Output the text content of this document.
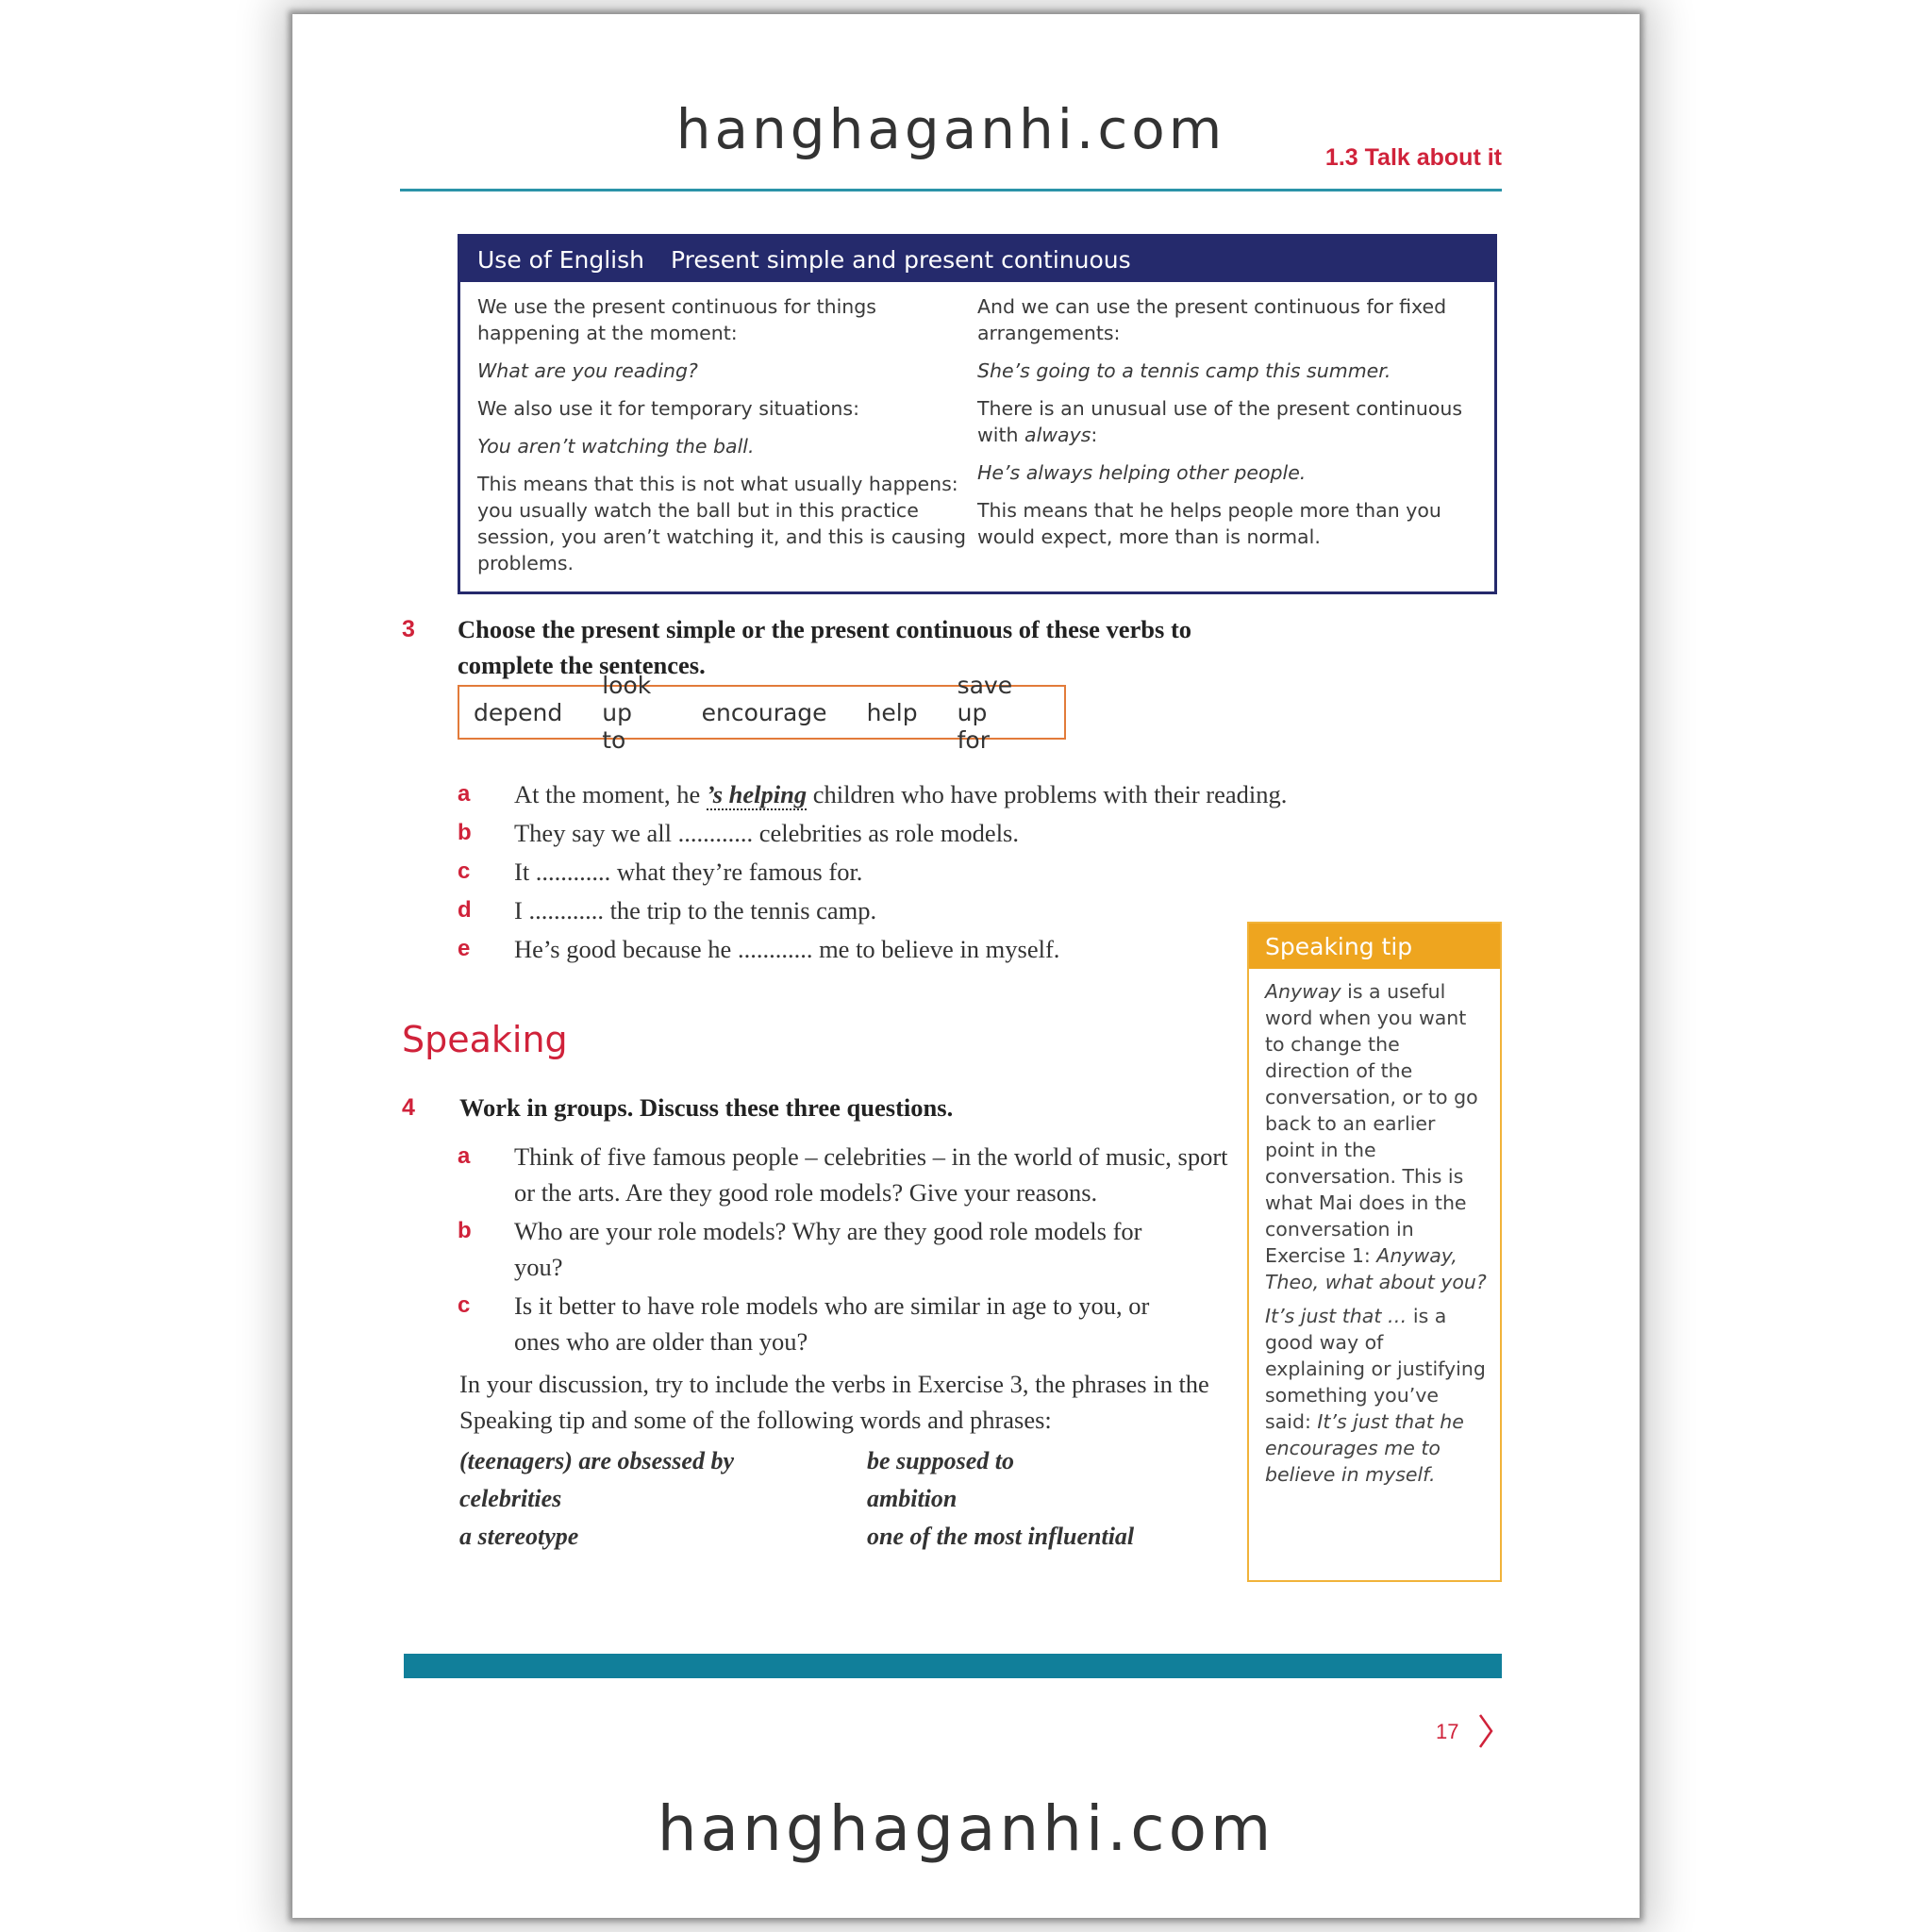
hanghaganhi.com	1.3 Talk about it
Use of English Present simple and present continuous

We use the present continuous for things happening at the moment:

What are you reading?

We also use it for temporary situations:

You aren’t watching the ball.

This means that this is not what usually happens: you usually watch the ball but in this practice session, you aren’t watching it, and this is causing problems.

And we can use the present continuous for fixed arrangements:

She’s going to a tennis camp this summer.

There is an unusual use of the present continuous with always:

He’s always helping other people.

This means that he helps people more than you would expect, more than is normal.

3 Choose the present simple or the present continuous of these verbs to complete the sentences.
depend
look up to
encourage help
save up for
a	At the moment, he ’s helping children who have problems with their reading.
b	They say we all ............ celebrities as role models.
c	It ............ what they’re famous for.
d	I ............ the trip to the tennis camp.
e	He’s good because he ............ me to believe in myself.
Speaking
4 Work in groups. Discuss these three questions.
a	Think of five famous people – celebrities – in the world of music, sport or the arts. Are they good role models? Give your reasons.
b	Who are your role models? Why are they good role models for you?
c	Is it better to have role models who are similar in age to you, or ones who are older than you?
In your discussion, try to include the verbs in Exercise 3, the phrases in the Speaking tip and some of the following words and phrases:
(teenagers) are obsessed by	be supposed to
celebrities	ambition
a stereotype	one of the most influential
Speaking tip

Anyway is a useful word when you want to change the direction of the conversation, or to go back to an earlier point in the conversation. This is what Mai does in the conversation in Exercise 1: Anyway, Theo, what about you?

It’s just that … is a good way of explaining or justifying something you’ve said: It’s just that he encourages me to believe in myself.

17
hanghaganhi.com
